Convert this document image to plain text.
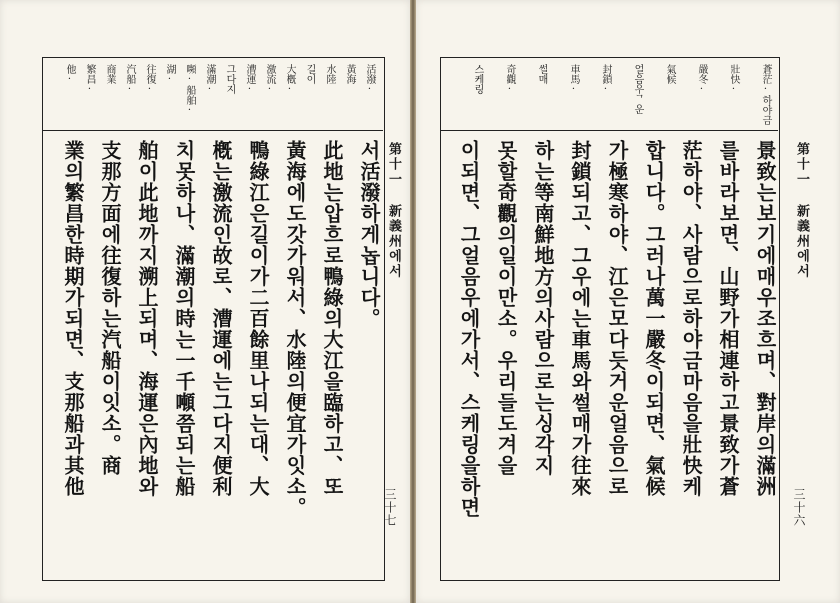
三十七
第十一 新義州에서
三十六
第十一 新義州에서
蒼茫·하야금
壯快·
嚴冬·
氣候
얼음우ᄀ운
封鎖·
車馬·
썰매
奇觀·
스케링
景致는보기에매우조흐며、對岸의滿洲
를바라보면、山野가相連하고景致가蒼
茫하야、사람으로하야금마음을壯快케
합니다。그러나萬一嚴冬이되면、氣候
가極寒하야、江은모다듯거운얼음으로
封鎖되고、그우에는車馬와썰매가往來
하는等南鮮地方의사람으로는싱각지
못할奇觀의일이만소。우리들도겨을
이되면、그얼음우에가서、스케링을하면
活潑·
黃海
水陸
길이
大槪·
激流·
漕運·
그다지
滿潮·
嚬·船舶·
湖·
往復·
汽船·
商業
繁昌·
他·
서活潑하게놉니다。
此地는압흐로鴨綠의大江을臨하고、또
黃海에도갓가워서、水陸의便宜가잇소。
鴨綠江은길이가二百餘里나되는대、大
槪는激流인故로、漕運에는그다지便利
치못하나、滿潮의時는一千噸쯤되는船
舶이此地까지溯上되며、海運은內地와
支那方面에往復하는汽船이잇소。商
業의繁昌한時期가되면、支那船과其他
